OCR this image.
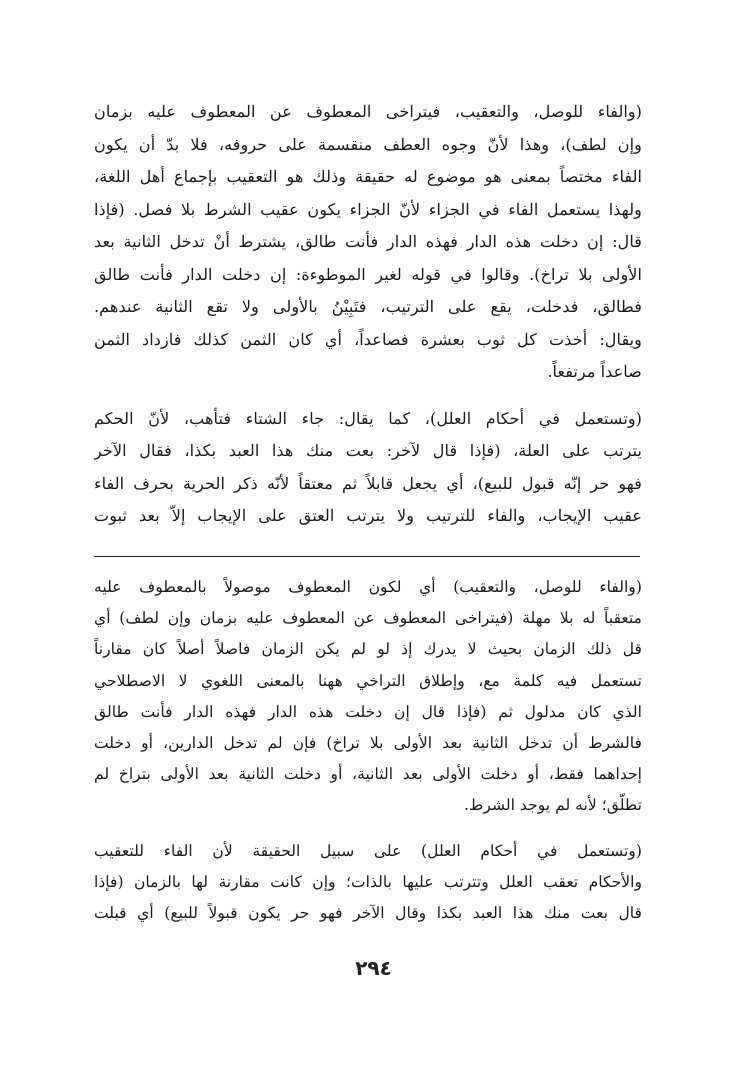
(والفاء للوصل، والتعقيب، فيتراخى المعطوف عن المعطوف عليه بزمان
وإن لطف)، وهذا لأنّ وجوه العطف منقسمة على حروفه، فلا بدّ أن يكون
الفاء مختصاً بمعنى هو موضوع له حقيقة وذلك هو التعقيب بإجماع أهل اللغة،
ولهذا يستعمل الفاء في الجزاء لأنّ الجزاء يكون عقيب الشرط بلا فصل. (فإذا
قال: إن دخلت هذه الدار فهذه الدار فأنت طالق، يشترط أنْ تدخل الثانية بعد
الأولى بلا تراخ). وقالوا في قوله لغير الموطوءة: إن دخلت الدار فأنت طالق
فطالق، فدخلت، يقع على الترتيب، فتَبِيْنُ بالأولى ولا تقع الثانية عندهم.
ويقال: أخذت كل ثوب بعشرة فصاعداً، أي كان الثمن كذلك فازداد الثمن
صاعداً مرتفعاً.

(وتستعمل في أحكام العلل)، كما يقال: جاء الشتاء فتأهب، لأنّ الحكم
يترتب على العلة، (فإذا قال لآخر: بعت منك هذا العبد بكذا، فقال الآخر
فهو حر إنّه قبول للبيع)، أي يجعل قابلاً ثم معتقاً لأنّه ذكر الحرية بحرف الفاء
عقيب الإيجاب، والفاء للترتيب ولا يترتب العتق على الإيجاب إلاّ بعد ثبوت

(والفاء للوصل، والتعقيب) أي لكون المعطوف موصولاً بالمعطوف عليه
متعقباً له بلا مهلة (فيتراخى المعطوف عن المعطوف عليه بزمان وإن لطف) أي
قل ذلك الزمان بحيث لا يدرك إذ لو لم يكن الزمان فاصلاً أصلاً كان مقارناً
تستعمل فيه كلمة مع، وإطلاق التراخي ههنا بالمعنى اللغوي لا الاصطلاحي
الذي كان مدلول ثم (فإذا قال إن دخلت هذه الدار فهذه الدار فأنت طالق
فالشرط أن تدخل الثانية بعد الأولى بلا تراخ) فإن لم تدخل الدارين، أو دخلت
إحداهما فقط، أو دخلت الأولى بعد الثانية، أو دخلت الثانية بعد الأولى بتراخ لم
تطلّق؛ لأنه لم يوجد الشرط.

(وتستعمل في أحكام العلل) على سبيل الحقيقة لأن الفاء للتعقيب
والأحكام تعقب العلل وتترتب عليها بالذات؛ وإن كانت مقارنة لها بالزمان (فإذا
قال بعت منك هذا العبد بكذا وقال الآخر فهو حر يكون قبولاً للبيع) أي قبلت

٢٩٤
